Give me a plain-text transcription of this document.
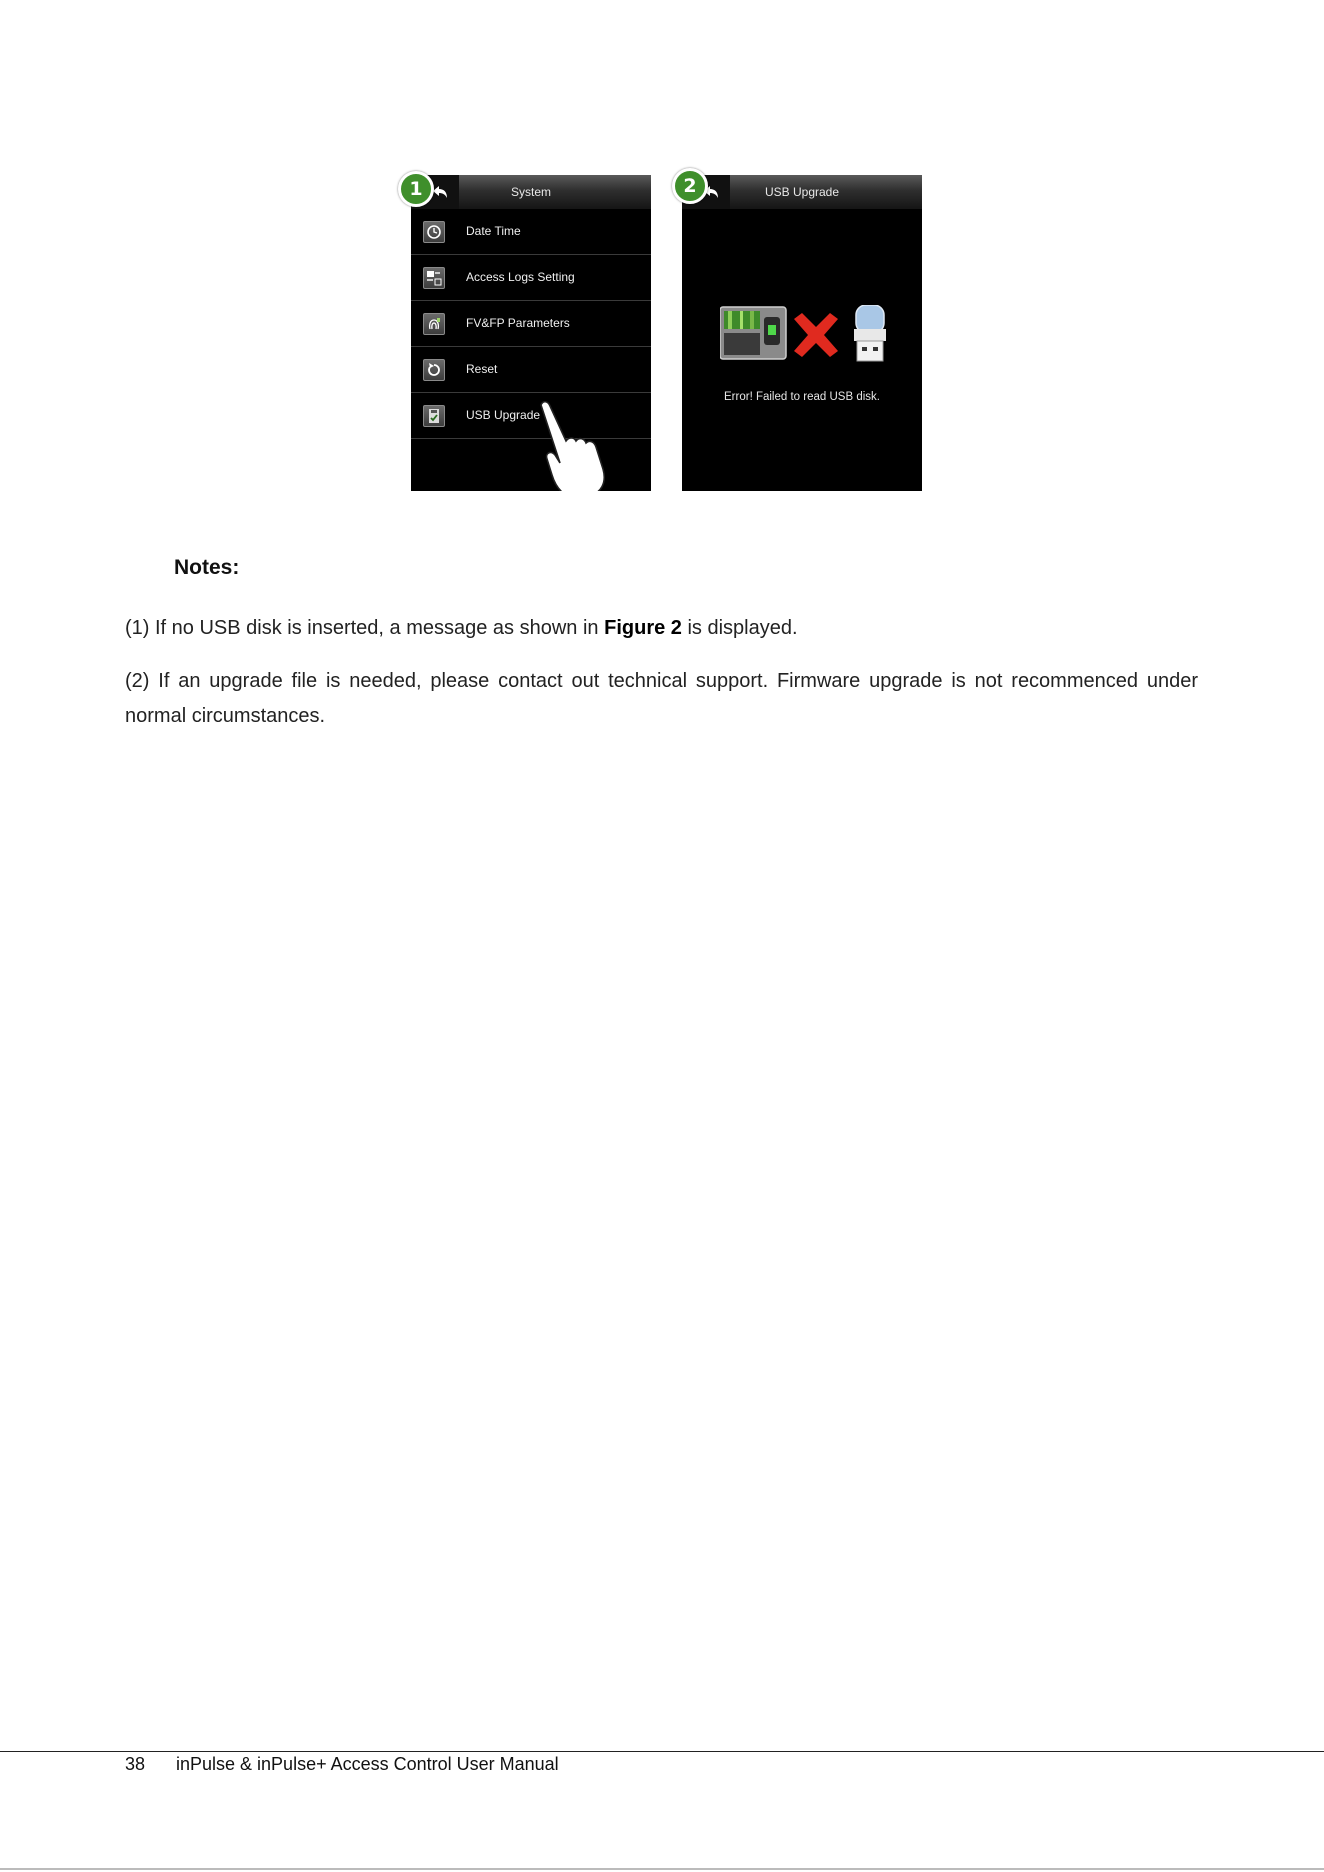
System
Date Time
Access Logs Setting
FV&FP Parameters
Reset
USB Upgrade
1	USB Upgrade
Error! Failed to read USB disk.
2
Notes:
(1) If no USB disk is inserted, a message as shown in Figure 2 is displayed.
(2) If an upgrade file is needed, please contact out technical support. Firmware upgrade is not recommenced under normal circumstances.
38 inPulse & inPulse+ Access Control User Manual
